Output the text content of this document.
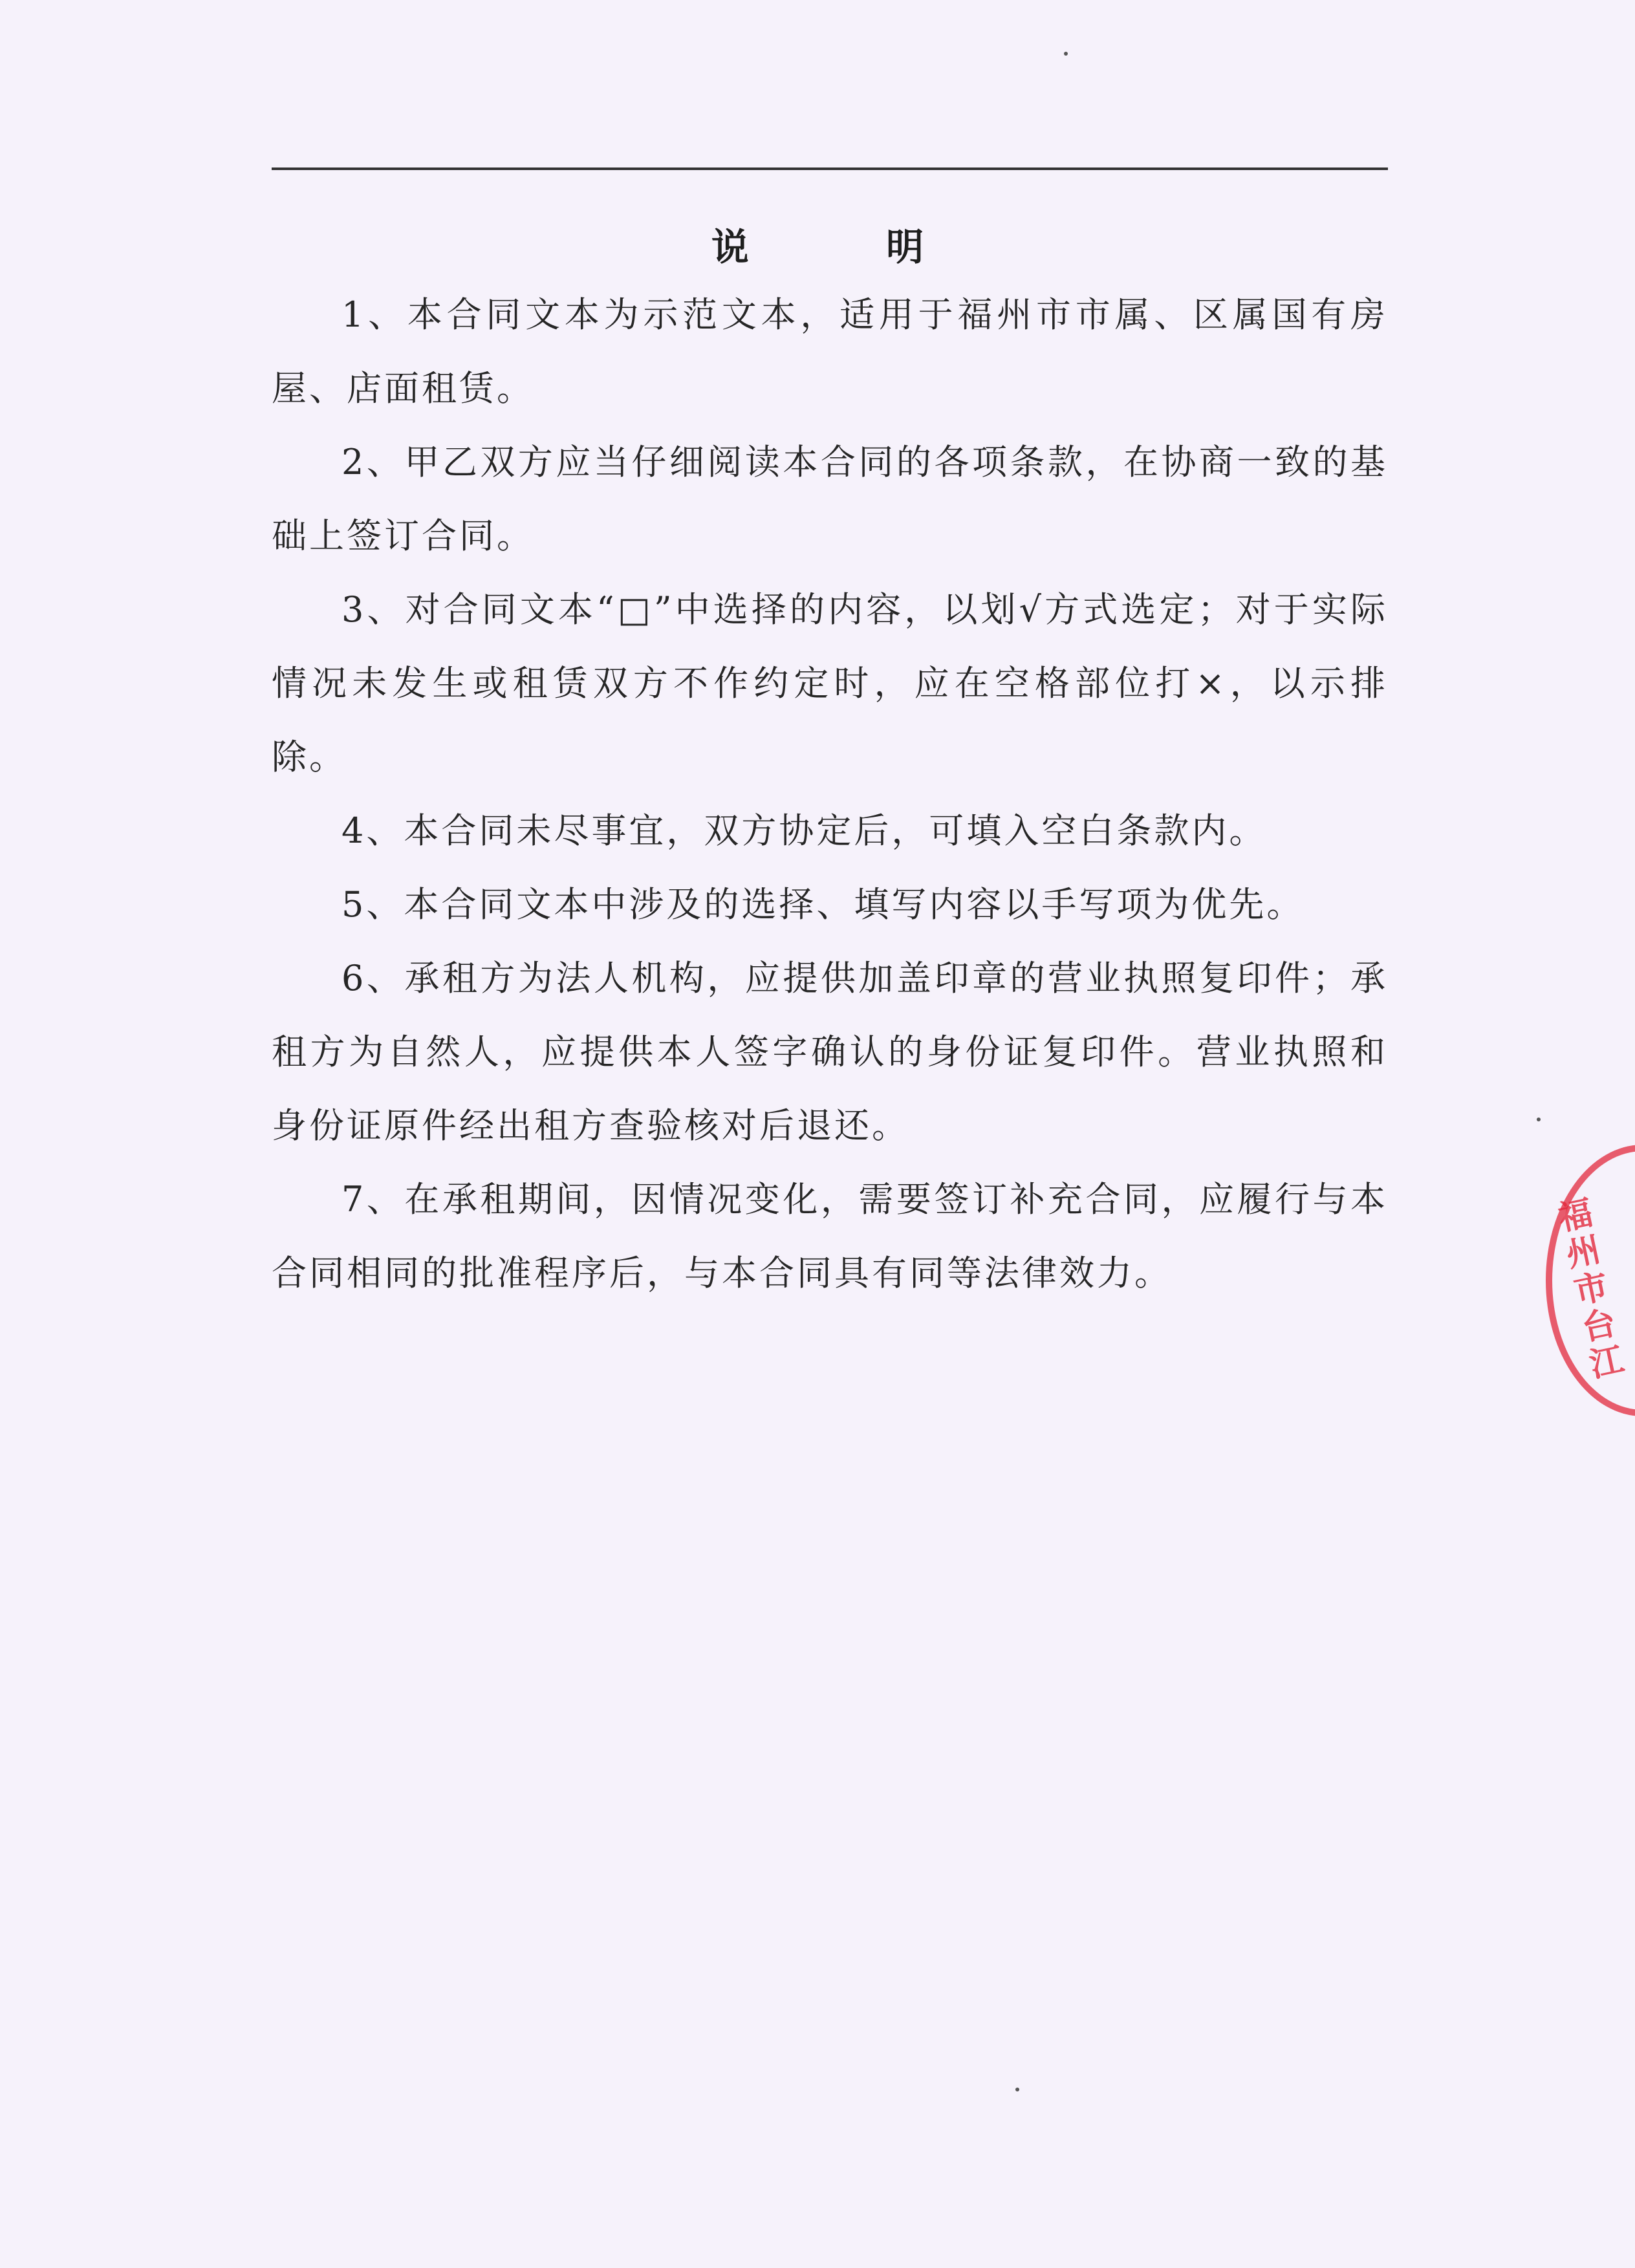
说 明

1、本合同文本为示范文本，适用于福州市市属、区属国有房屋、店面租赁。

2、甲乙双方应当仔细阅读本合同的各项条款，在协商一致的基础上签订合同。

3、对合同文本“□”中选择的内容，以划√方式选定；对于实际情况未发生或租赁双方不作约定时，应在空格部位打×，以示排除。

4、本合同未尽事宜，双方协定后，可填入空白条款内。

5、本合同文本中涉及的选择、填写内容以手写项为优先。

6、承租方为法人机构，应提供加盖印章的营业执照复印件；承租方为自然人，应提供本人签字确认的身份证复印件。营业执照和身份证原件经出租方查验核对后退还。

7、在承租期间，因情况变化，需要签订补充合同，应履行与本合同相同的批准程序后，与本合同具有同等法律效力。	福州市台江
